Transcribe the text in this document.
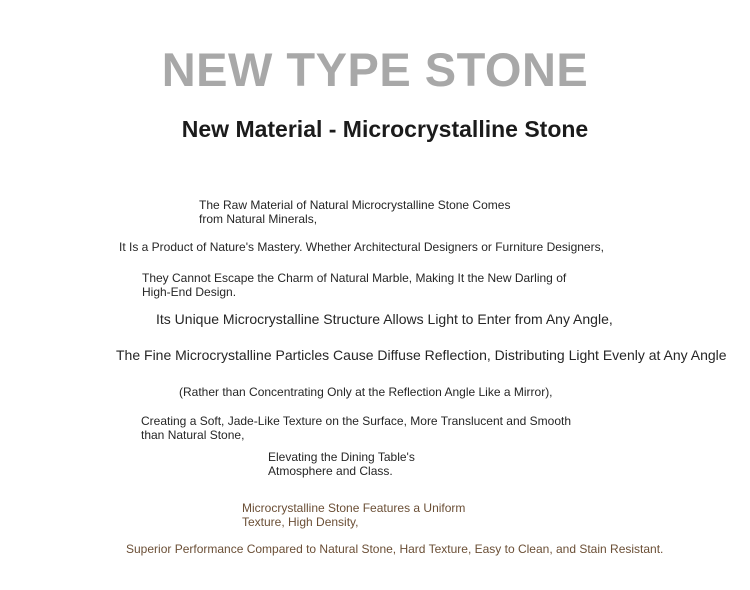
NEW TYPE STONE
New Material - Microcrystalline Stone
The Raw Material of Natural Microcrystalline Stone Comes
from Natural Minerals,
It Is a Product of Nature's Mastery. Whether Architectural Designers or Furniture Designers,
They Cannot Escape the Charm of Natural Marble, Making It the New Darling of
High-End Design.
Its Unique Microcrystalline Structure Allows Light to Enter from Any Angle,
The Fine Microcrystalline Particles Cause Diffuse Reflection, Distributing Light Evenly at Any Angle
(Rather than Concentrating Only at the Reflection Angle Like a Mirror),
Creating a Soft, Jade-Like Texture on the Surface, More Translucent and Smooth
than Natural Stone,
Elevating the Dining Table's
Atmosphere and Class.
Microcrystalline Stone Features a Uniform
Texture, High Density,
Superior Performance Compared to Natural Stone, Hard Texture, Easy to Clean, and Stain Resistant.
